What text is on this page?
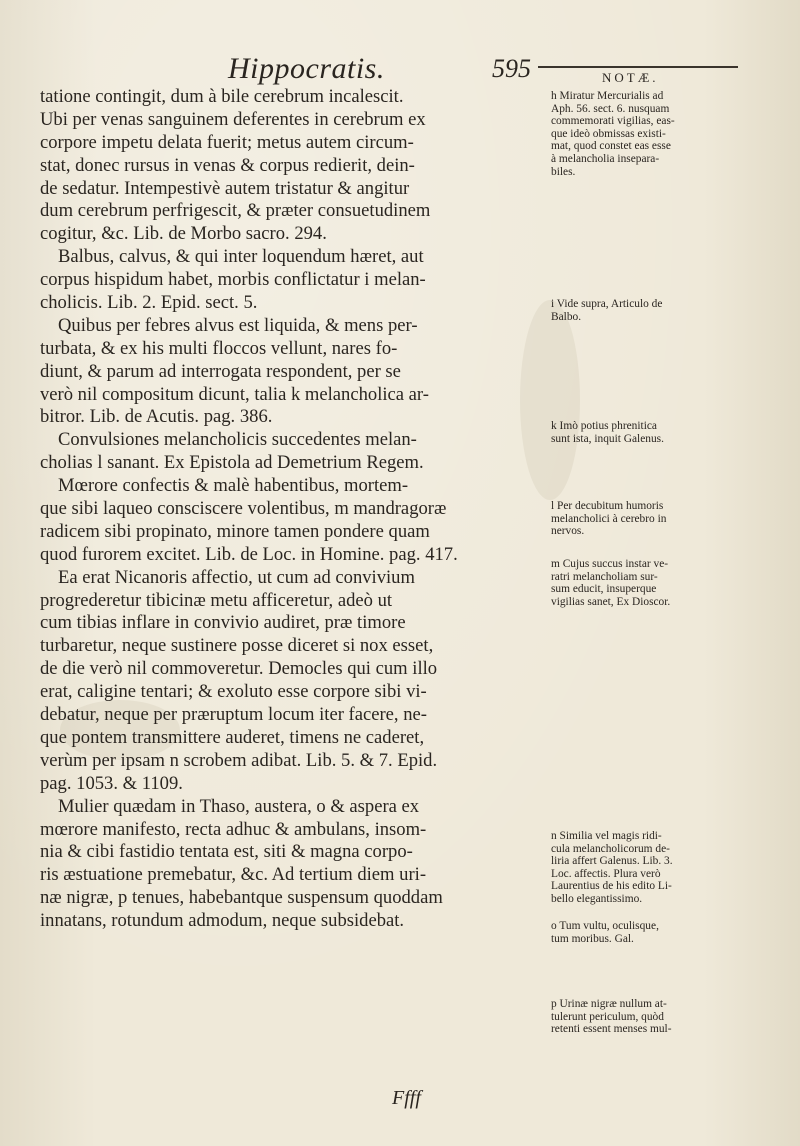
Hippocratis.	595	NOTÆ.
tatione contingit, dum à bile cerebrum incalescit.
Ubi per venas sanguinem deferentes in cerebrum ex
corpore impetu delata fuerit; metus autem circum-
stat, donec rursus in venas & corpus redierit, dein-
de sedatur. Intempestivè autem tristatur & angitur
dum cerebrum perfrigescit, & præter consuetudinem
cogitur, &c. Lib. de Morbo sacro. 294.
Balbus, calvus, & qui inter loquendum hæret, aut
corpus hispidum habet, morbis conflictatur i melan-
cholicis. Lib. 2. Epid. sect. 5.
Quibus per febres alvus est liquida, & mens per-
turbata, & ex his multi floccos vellunt, nares fo-
diunt, & parum ad interrogata respondent, per se
verò nil compositum dicunt, talia k melancholica ar-
bitror. Lib. de Acutis. pag. 386.
Convulsiones melancholicis succedentes melan-
cholias l sanant. Ex Epistola ad Demetrium Regem.
Mœrore confectis & malè habentibus, mortem-
que sibi laqueo consciscere volentibus, m mandragoræ
radicem sibi propinato, minore tamen pondere quam
quod furorem excitet. Lib. de Loc. in Homine. pag. 417.
Ea erat Nicanoris affectio, ut cum ad convivium
progrederetur tibicinæ metu afficeretur, adeò ut
cum tibias inflare in convivio audiret, præ timore
turbaretur, neque sustinere posse diceret si nox esset,
de die verò nil commoveretur. Democles qui cum illo
erat, caligine tentari; & exoluto esse corpore sibi vi-
debatur, neque per præruptum locum iter facere, ne-
que pontem transmittere auderet, timens ne caderet,
verùm per ipsam n scrobem adibat. Lib. 5. & 7. Epid.
pag. 1053. & 1109.
Mulier quædam in Thaso, austera, o & aspera ex
mœrore manifesto, recta adhuc & ambulans, insom-
nia & cibi fastidio tentata est, siti & magna corpo-
ris æstuatione premebatur, &c. Ad tertium diem uri-
næ nigræ, p tenues, habebantque suspensum quoddam
innatans, rotundum admodum, neque subsidebat.
h Miratur Mercurialis ad
Aph. 56. sect. 6. nusquam
commemorati vigilias, eas-
que ideò obmissas existi-
mat, quod constet eas esse
à melancholia insepara-
biles.
i Vide supra, Articulo de
Balbo.
k Imò potius phrenitica
sunt ista, inquit Galenus.
l Per decubitum humoris
melancholici à cerebro in
nervos.
m Cujus succus instar ve-
ratri melancholiam sur-
sum educit, insuperque
vigilias sanet, Ex Dioscor.
n Similia vel magis ridi-
cula melancholicorum de-
liria affert Galenus. Lib. 3.
Loc. affectis. Plura verò
Laurentius de his edito Li-
bello elegantissimo.
o Tum vultu, oculisque,
tum moribus. Gal.
p Urinæ nigræ nullum at-
tulerunt periculum, quòd
retenti essent menses mul-
Ffff
